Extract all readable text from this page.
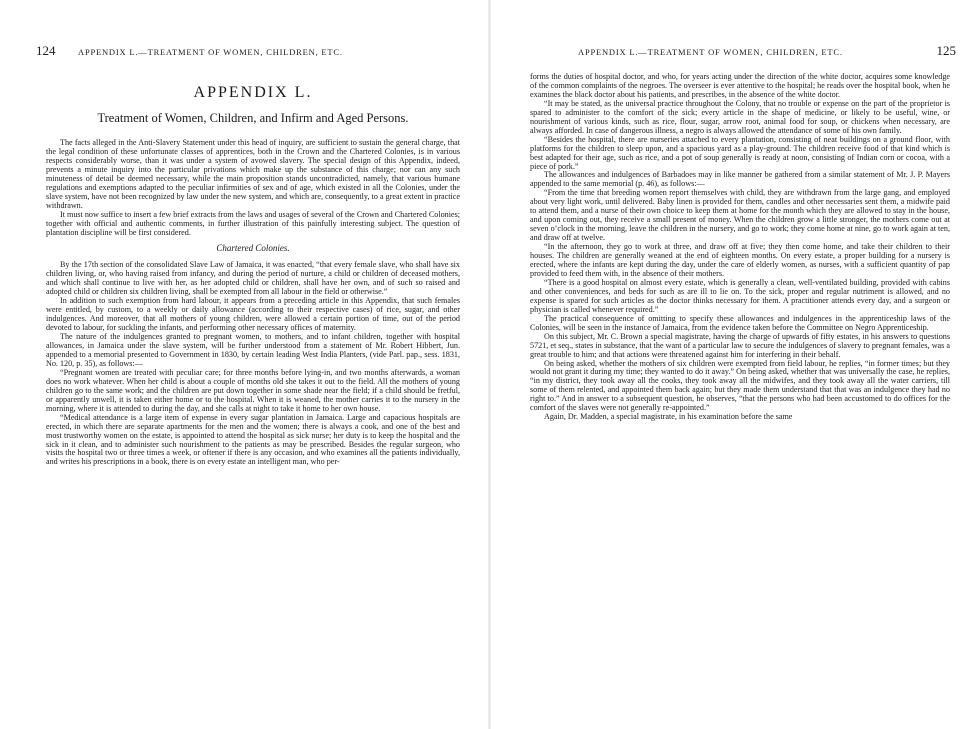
124	APPENDIX L.—TREATMENT OF WOMEN, CHILDREN, ETC.
APPENDIX L.
Treatment of Women, Children, and Infirm and Aged Persons.

The facts alleged in the Anti-Slavery Statement under this head of inquiry, are sufficient to sustain the general charge, that the legal condition of these unfortunate classes of apprentices, both in the Crown and the Chartered Colonies, is in various respects considerably worse, than it was under a system of avowed slavery. The special design of this Appendix, indeed, prevents a minute inquiry into the particular privations which make up the substance of this charge; nor can any such minuteness of detail be deemed necessary, while the main proposition stands uncontradicted, namely, that various humane regulations and exemptions adapted to the peculiar infirmities of sex and of age, which existed in all the Colonies, under the slave system, have not been recognized by law under the new system, and which are, consequently, to a great extent in practice withdrawn.

It must now suffice to insert a few brief extracts from the laws and usages of several of the Crown and Chartered Colonies; together with official and authentic comments, in further illustration of this painfully interesting subject. The question of plantation discipline will be first considered.

Chartered Colonies.

By the 17th section of the consolidated Slave Law of Jamaica, it was enacted, “that every female slave, who shall have six children living, or, who having raised from infancy, and during the period of nurture, a child or children of deceased mothers, and which shall continue to live with her, as her adopted child or children, shall have her own, and of such so raised and adopted child or children six children living, shall be exempted from all labour in the field or otherwise.”

In addition to such exemption from hard labour, it appears from a preceding article in this Appendix, that such females were entitled, by custom, to a weekly or daily allowance (according to their respective cases) of rice, sugar, and other indulgences. And moreover, that all mothers of young children, were allowed a certain portion of time, out of the period devoted to labour, for suckling the infants, and performing other necessary offices of maternity.

The nature of the indulgences granted to pregnant women, to mothers, and to infant children, together with hospital allowances, in Jamaica under the slave system, will be further understood from a statement of Mr. Robert Hibbert, Jun. appended to a memorial presented to Government in 1830, by certain leading West India Planters, (vide Parl. pap., sess. 1831, No. 120, p. 35), as follows:—

“Pregnant women are treated with peculiar care; for three months before lying-in, and two months afterwards, a woman does no work whatever. When her child is about a couple of months old she takes it out to the field. All the mothers of young children go to the same work; and the children are put down together in some shade near the field; if a child should be fretful, or apparently unwell, it is taken either home or to the hospital. When it is weaned, the mother carries it to the nursery in the morning, where it is attended to during the day, and she calls at night to take it home to her own house.

“Medical attendance is a large item of expense in every sugar plantation in Jamaica. Large and capacious hospitals are erected, in which there are separate apartments for the men and the women; there is always a cook, and one of the best and most trustworthy women on the estate, is appointed to attend the hospital as sick nurse; her duty is to keep the hospital and the sick in it clean, and to administer such nourishment to the patients as may be prescribed. Besides the regular surgeon, who visits the hospital two or three times a week, or oftener if there is any occasion, and who examines all the patients individually, and writes his prescriptions in a book, there is on every estate an intelligent man, who per-

APPENDIX L.—TREATMENT OF WOMEN, CHILDREN, ETC.	125

forms the duties of hospital doctor, and who, for years acting under the direction of the white doctor, acquires some knowledge of the common complaints of the negroes. The overseer is ever attentive to the hospital; he reads over the hospital book, when he examines the black doctor about his patients, and prescribes, in the absence of the white doctor.

“It may be stated, as the universal practice throughout the Colony, that no trouble or expense on the part of the proprietor is spared to administer to the comfort of the sick; every article in the shape of medicine, or likely to be useful, wine, or nourishment of various kinds, such as rice, flour, sugar, arrow root, animal food for soup, or chickens when necessary, are always afforded. In case of dangerous illness, a negro is always allowed the attendance of some of his own family.

“Besides the hospital, there are nurseries attached to every plantation, consisting of neat buildings on a ground floor, with platforms for the children to sleep upon, and a spacious yard as a play-ground. The children receive food of that kind which is best adapted for their age, such as rice, and a pot of soup generally is ready at noon, consisting of Indian corn or cocoa, with a piece of pork.”

The allowances and indulgences of Barbadoes may in like manner be gathered from a similar statement of Mr. J. P. Mayers appended to the same memorial (p. 46), as follows:—

“From the time that breeding women report themselves with child, they are withdrawn from the large gang, and employed about very light work, until delivered. Baby linen is provided for them, candles and other necessaries sent them, a midwife paid to attend them, and a nurse of their own choice to keep them at home for the month which they are allowed to stay in the house, and upon coming out, they receive a small present of money. When the children grow a little stronger, the mothers come out at seven o’clock in the morning, leave the children in the nursery, and go to work; they come home at nine, go to work again at ten, and draw off at twelve.

“In the afternoon, they go to work at three, and draw off at five; they then come home, and take their children to their houses. The children are generally weaned at the end of eighteen months. On every estate, a proper building for a nursery is erected, where the infants are kept during the day, under the care of elderly women, as nurses, with a sufficient quantity of pap provided to feed them with, in the absence of their mothers.

“There is a good hospital on almost every estate, which is generally a clean, well-ventilated building, provided with cabins and other conveniences, and beds for such as are ill to lie on. To the sick, proper and regular nutriment is allowed, and no expense is spared for such articles as the doctor thinks necessary for them. A practitioner attends every day, and a surgeon or physician is called whenever required.”

The practical consequence of omitting to specify these allowances and indulgences in the apprenticeship laws of the Colonies, will be seen in the instance of Jamaica, from the evidence taken before the Committee on Negro Apprenticeship.

On this subject, Mr. C. Brown a special magistrate, having the charge of upwards of fifty estates, in his answers to questions 5721, et seq., states in substance, that the want of a particular law to secure the indulgences of slavery to pregnant females, was a great trouble to him; and that actions were threatened against him for interfering in their behalf.

On being asked, whether the mothers of six children were exempted from field labour, he replies, “in former times; but they would not grant it during my time; they wanted to do it away.” On being asked, whether that was universally the case, he replies, “in my district, they took away all the cooks, they took away all the midwifes, and they took away all the water carriers, till some of them relented, and appointed them back again; but they made them understand that that was an indulgence they had no right to.” And in answer to a subsequent question, he observes, “that the persons who had been accustomed to do offices for the comfort of the slaves were not generally re-appointed.”

Again, Dr. Madden, a special magistrate, in his examination before the same
